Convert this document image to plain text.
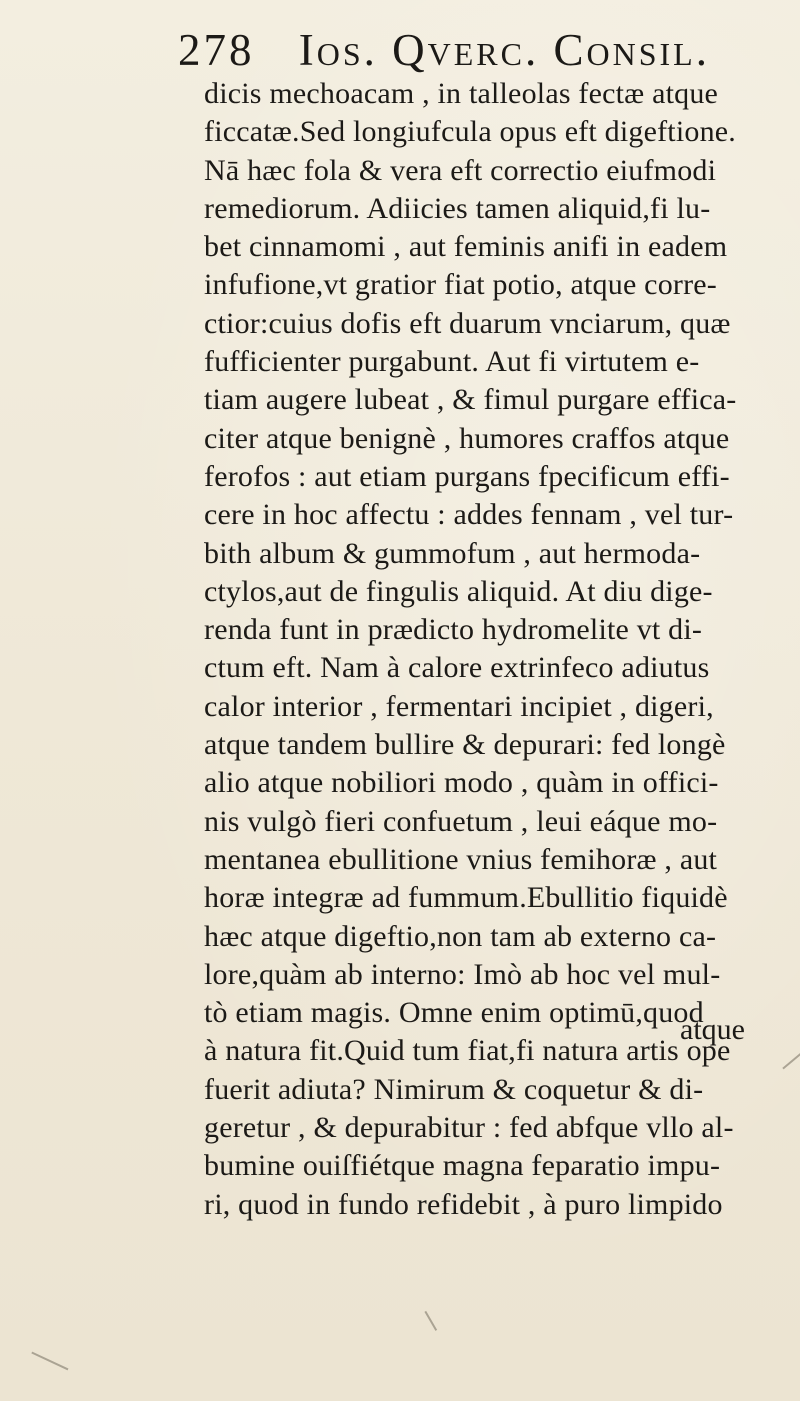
278 Ios. Qverc. Consil.
dicis mechoacam , in talleolas fectæ atque
ficcatæ.Sed longiufcula opus eft digeftione.
Nā hæc fola & vera eft correctio eiufmodi
remediorum. Adiicies tamen aliquid,fi lu-
bet cinnamomi , aut feminis anifi in eadem
infufione,vt gratior fiat potio, atque corre-
ctior:cuius dofis eft duarum vnciarum, quæ
fufficienter purgabunt. Aut fi virtutem e-
tiam augere lubeat , & fimul purgare effica-
citer atque benignè , humores craffos atque
ferofos : aut etiam purgans fpecificum effi-
cere in hoc affectu : addes fennam , vel tur-
bith album & gummofum , aut hermoda-
ctylos,aut de fingulis aliquid. At diu dige-
renda funt in prædicto hydromelite vt di-
ctum eft. Nam à calore extrinfeco adiutus
calor interior , fermentari incipiet , digeri,
atque tandem bullire & depurari: fed longè
alio atque nobiliori modo , quàm in offici-
nis vulgò fieri confuetum , leui eáque mo-
mentanea ebullitione vnius femihoræ , aut
horæ integræ ad fummum.Ebullitio fiquidè
hæc atque digeftio,non tam ab externo ca-
lore,quàm ab interno: Imò ab hoc vel mul-
tò etiam magis. Omne enim optimū,quod
à natura fit.Quid tum fiat,fi natura artis ope
fuerit adiuta? Nimirum & coquetur & di-
geretur , & depurabitur : fed abfque vllo al-
bumine ouiſfiétque magna feparatio impu-
ri, quod in fundo refidebit , à puro limpido
atque
